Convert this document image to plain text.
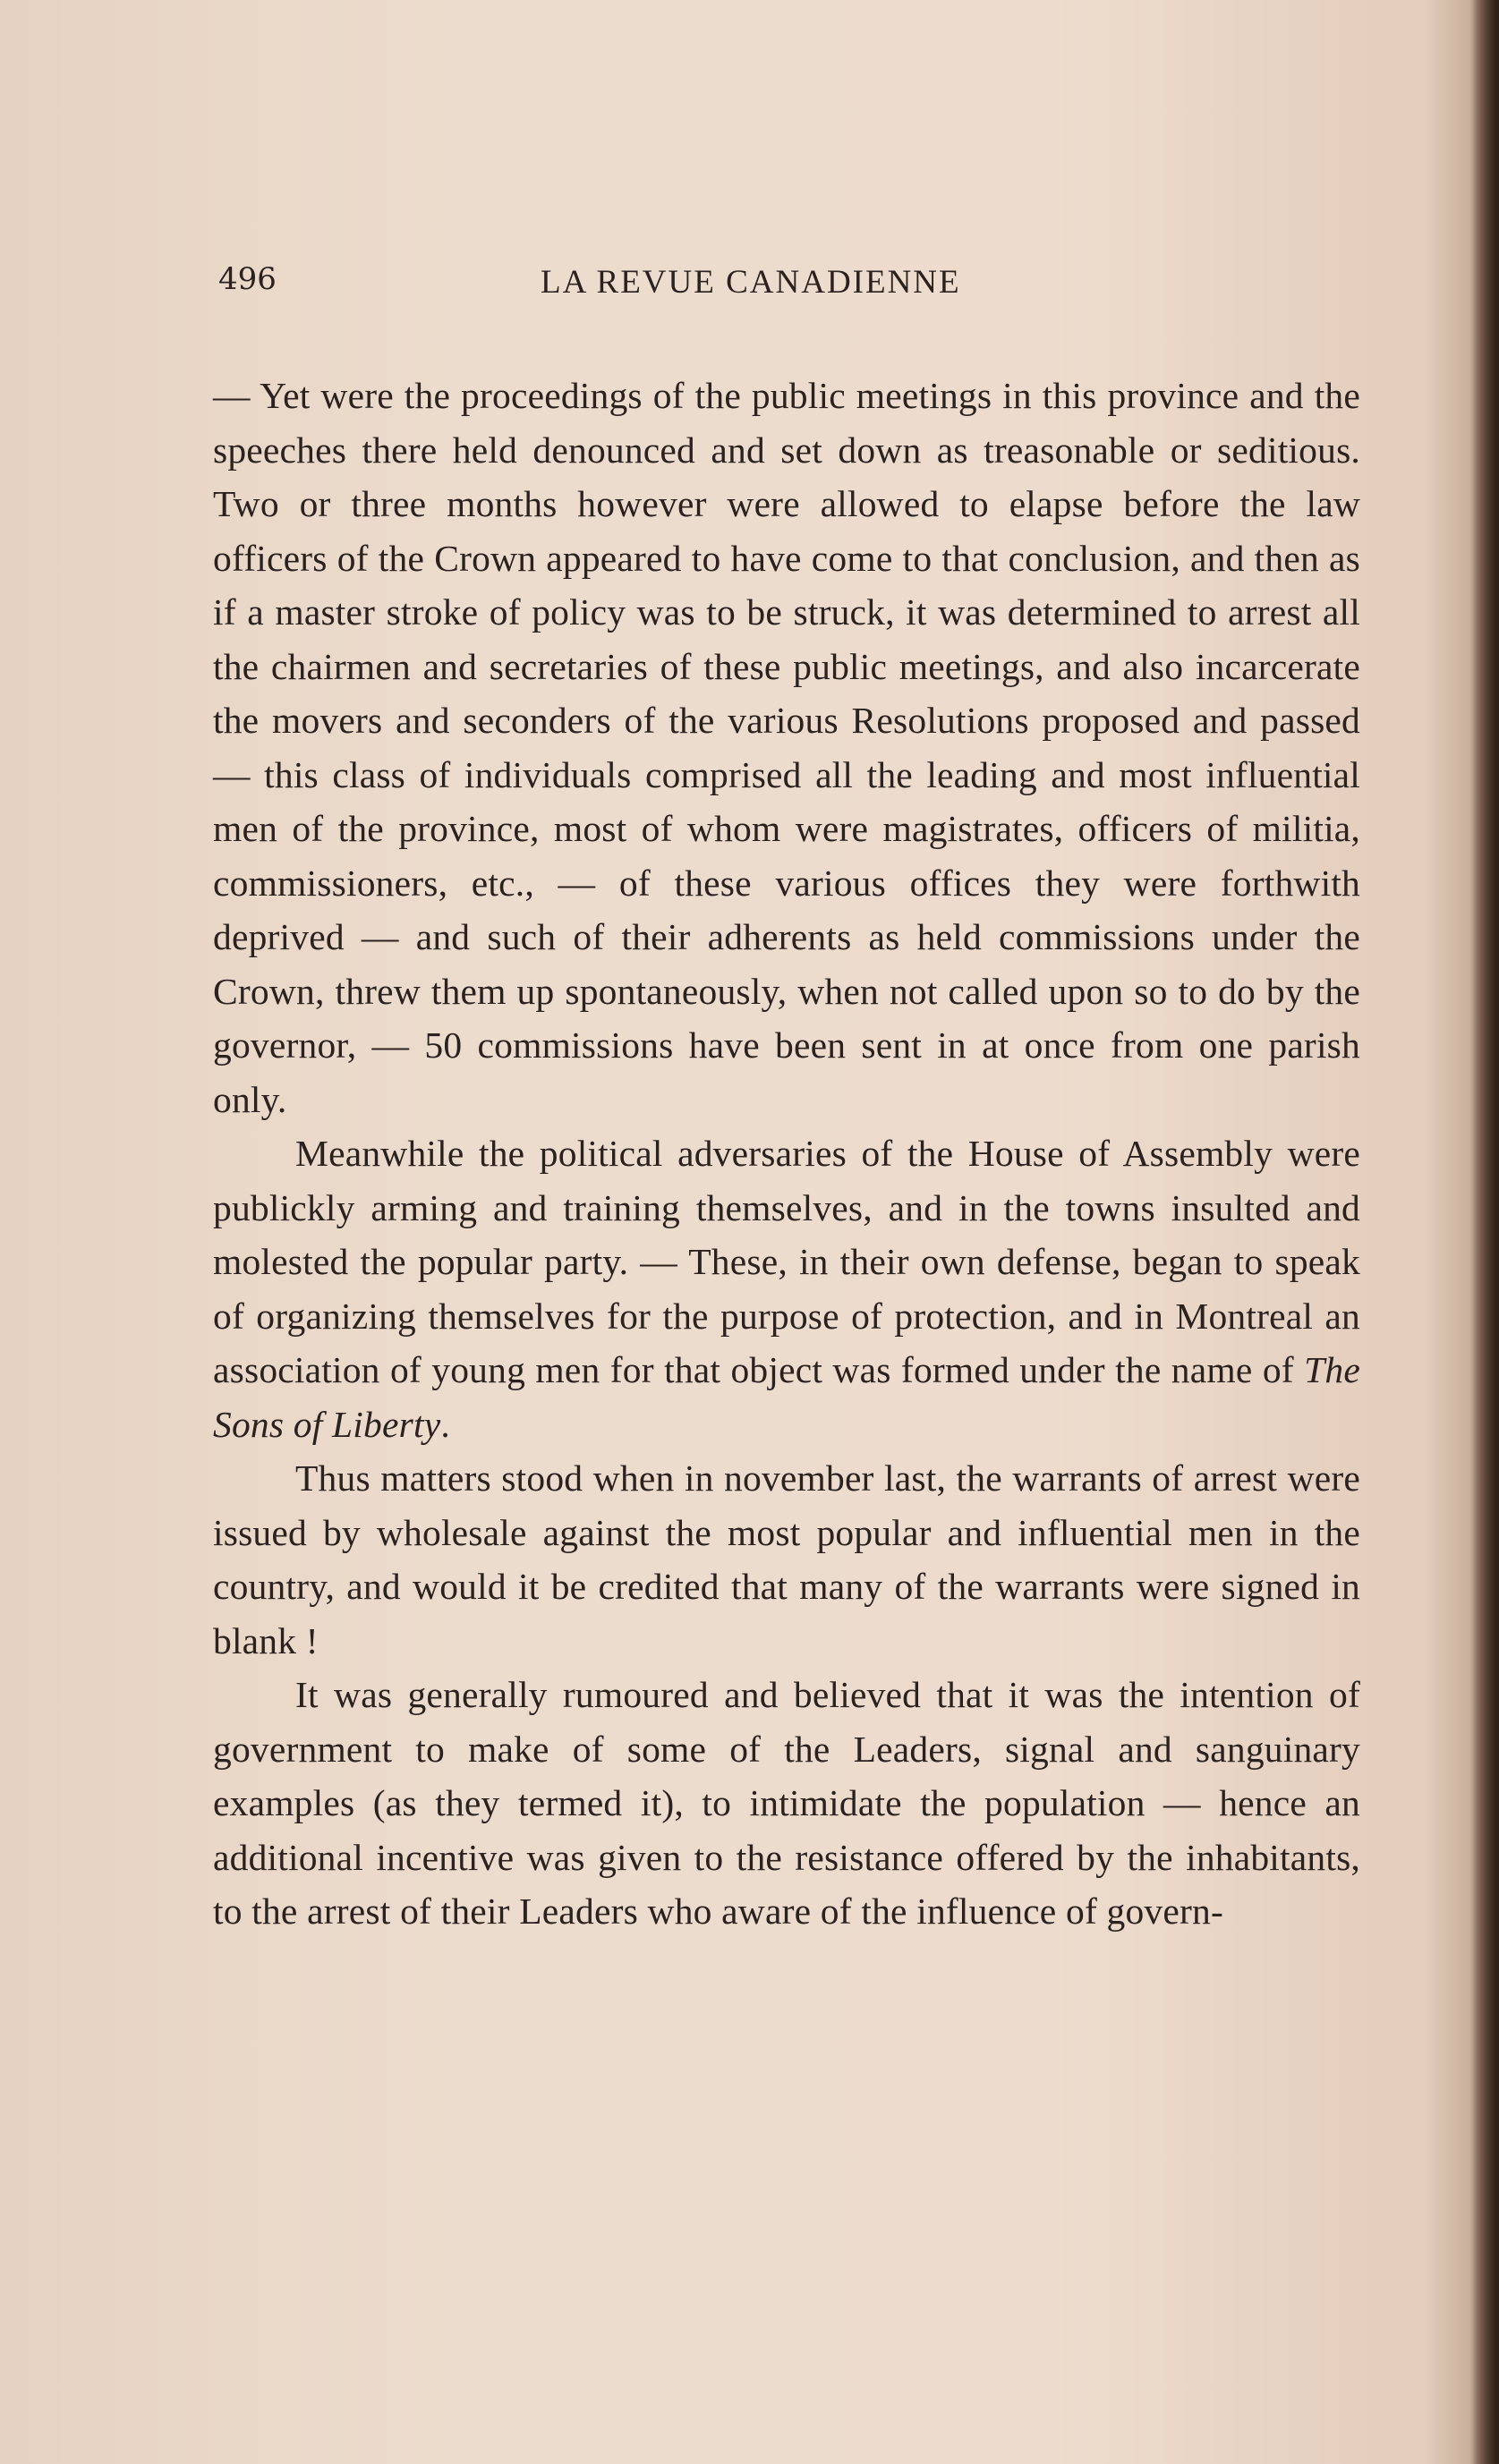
496	LA REVUE CANADIENNE

— Yet were the proceedings of the public meetings in this province and the speeches there held denounced and set down as treasonable or seditious. Two or three months however were allowed to elapse before the law officers of the Crown appeared to have come to that conclusion, and then as if a master stroke of policy was to be struck, it was determined to arrest all the chairmen and secretaries of these public meetings, and also incarcerate the movers and seconders of the various Resolutions proposed and passed — this class of individuals comprised all the leading and most influential men of the province, most of whom were magistrates, officers of militia, commissioners, etc., — of these various offices they were forthwith deprived — and such of their adherents as held commissions under the Crown, threw them up spontaneously, when not called upon so to do by the governor, — 50 commissions have been sent in at once from one parish only.

Meanwhile the political adversaries of the House of Assembly were publickly arming and training themselves, and in the towns insulted and molested the popular party. — These, in their own defense, began to speak of organizing themselves for the purpose of protection, and in Montreal an association of young men for that object was formed under the name of The Sons of Liberty.

Thus matters stood when in november last, the warrants of arrest were issued by wholesale against the most popular and influential men in the country, and would it be credited that many of the warrants were signed in blank !

It was generally rumoured and believed that it was the intention of government to make of some of the Leaders, signal and sanguinary examples (as they termed it), to intimidate the population — hence an additional incentive was given to the resistance offered by the inhabitants, to the arrest of their Leaders who aware of the influence of govern-
